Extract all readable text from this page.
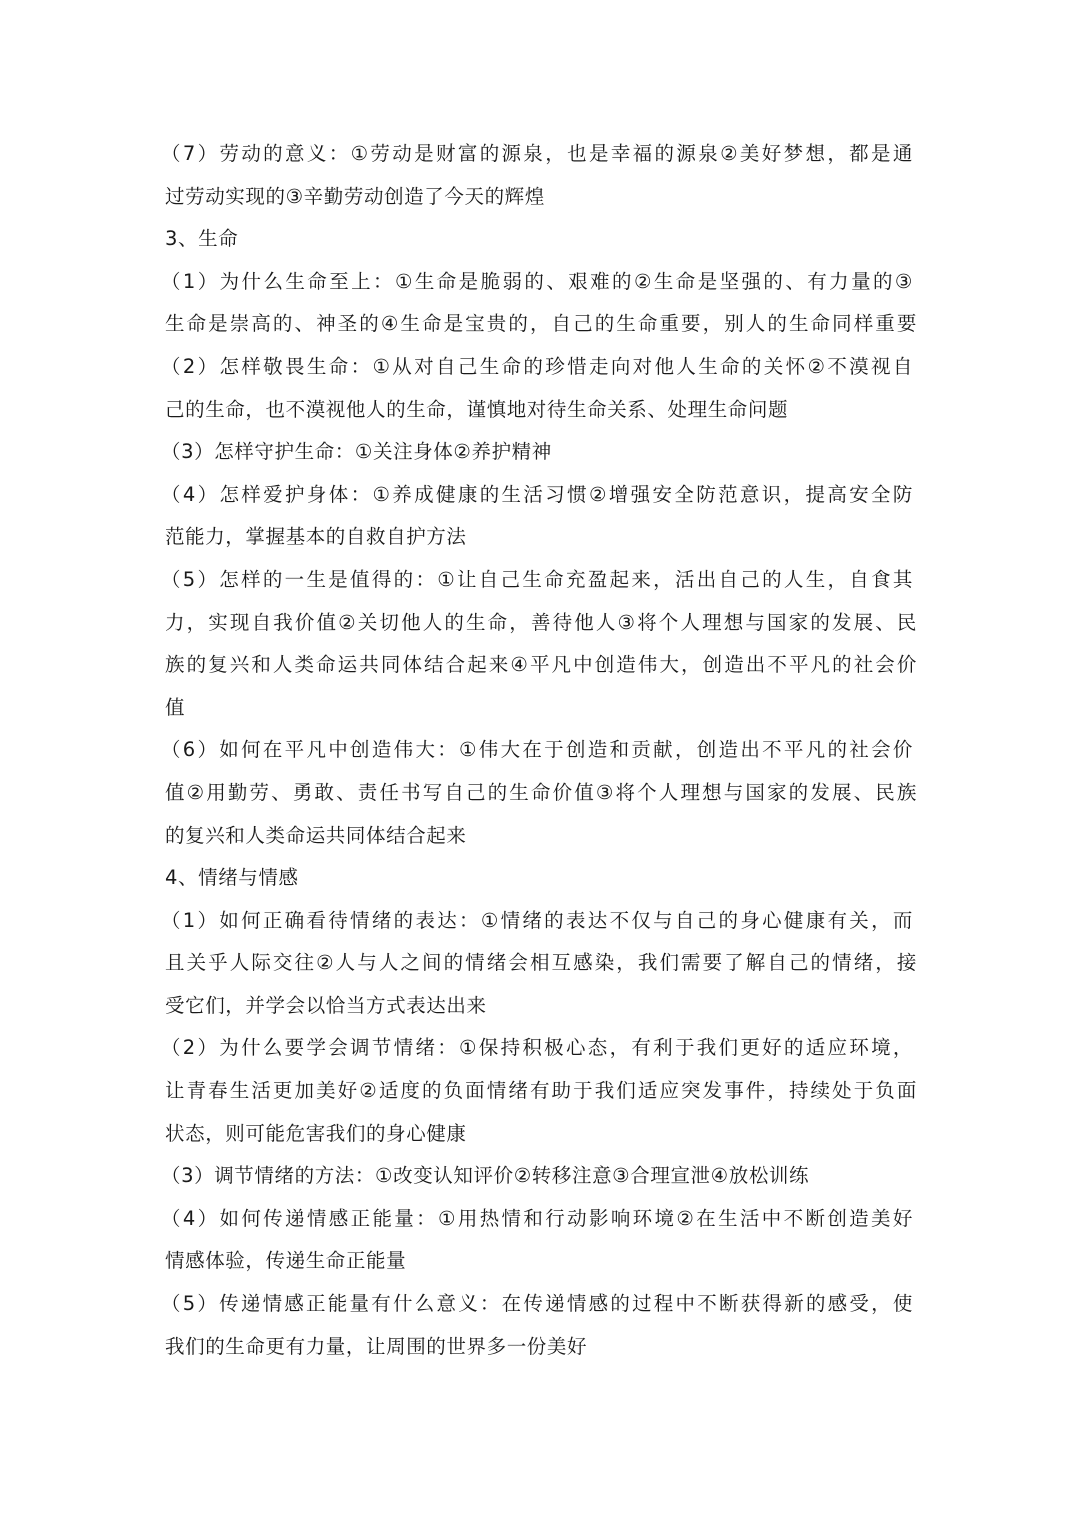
（7）劳动的意义：①劳动是财富的源泉，也是幸福的源泉②美好梦想，都是通
过劳动实现的③辛勤劳动创造了今天的辉煌
3、生命
（1）为什么生命至上：①生命是脆弱的、艰难的②生命是坚强的、有力量的③
生命是崇高的、神圣的④生命是宝贵的，自己的生命重要，别人的生命同样重要
（2）怎样敬畏生命：①从对自己生命的珍惜走向对他人生命的关怀②不漠视自
己的生命，也不漠视他人的生命，谨慎地对待生命关系、处理生命问题
（3）怎样守护生命：①关注身体②养护精神
（4）怎样爱护身体：①养成健康的生活习惯②增强安全防范意识，提高安全防
范能力，掌握基本的自救自护方法
（5）怎样的一生是值得的：①让自己生命充盈起来，活出自己的人生，自食其
力，实现自我价值②关切他人的生命，善待他人③将个人理想与国家的发展、民
族的复兴和人类命运共同体结合起来④平凡中创造伟大，创造出不平凡的社会价
值
（6）如何在平凡中创造伟大：①伟大在于创造和贡献，创造出不平凡的社会价
值②用勤劳、勇敢、责任书写自己的生命价值③将个人理想与国家的发展、民族
的复兴和人类命运共同体结合起来
4、情绪与情感
（1）如何正确看待情绪的表达：①情绪的表达不仅与自己的身心健康有关，而
且关乎人际交往②人与人之间的情绪会相互感染，我们需要了解自己的情绪，接
受它们，并学会以恰当方式表达出来
（2）为什么要学会调节情绪：①保持积极心态，有利于我们更好的适应环境，
让青春生活更加美好②适度的负面情绪有助于我们适应突发事件，持续处于负面
状态，则可能危害我们的身心健康
（3）调节情绪的方法：①改变认知评价②转移注意③合理宣泄④放松训练
（4）如何传递情感正能量：①用热情和行动影响环境②在生活中不断创造美好
情感体验，传递生命正能量
（5）传递情感正能量有什么意义：在传递情感的过程中不断获得新的感受，使
我们的生命更有力量，让周围的世界多一份美好
